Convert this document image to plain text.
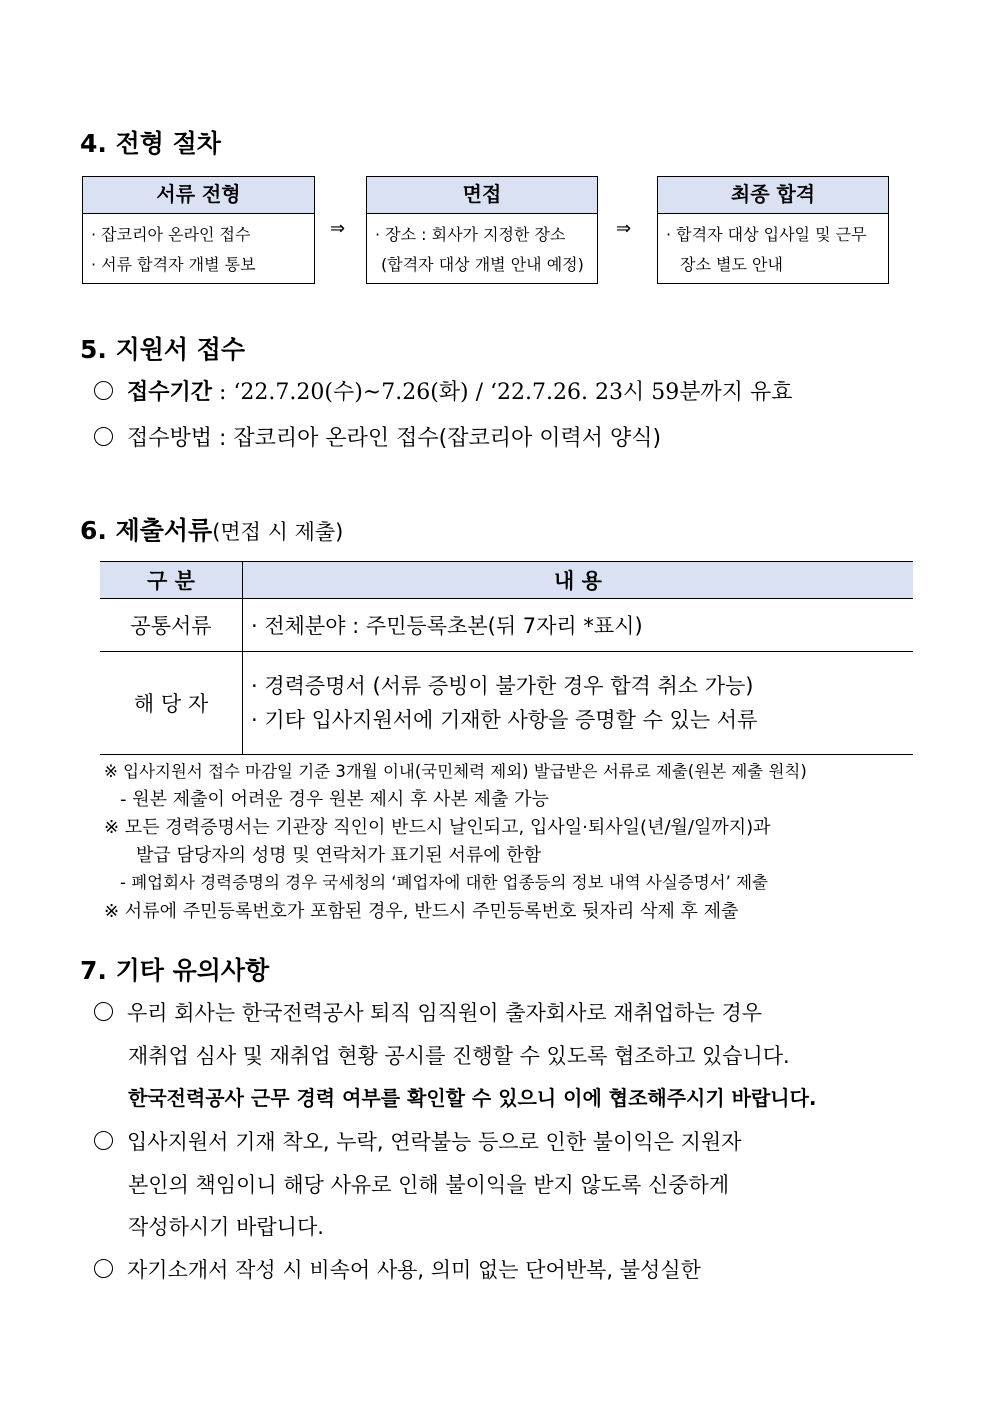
4. 전형 절차
서류 전형
· 잡코리아 온라인 접수
· 서류 합격자 개별 통보
⇒
면접
· 장소 : 회사가 지정한 장소
(합격자 대상 개별 안내 예정)
⇒
최종 합격
· 합격자 대상 입사일 및 근무
장소 별도 안내
5. 지원서 접수
접수기간 : ‘22.7.20(수)~7.26(화) / ‘22.7.26. 23시 59분까지 유효
접수방법 : 잡코리아 온라인 접수(잡코리아 이력서 양식)
6. 제출서류(면접 시 제출)
구 분	내 용
공통서류	· 전체분야 : 주민등록초본(뒤 7자리 *표시)

해 당 자	· 경력증명서 (서류 증빙이 불가한 경우 합격 취소 가능)
· 기타 입사지원서에 기재한 사항을 증명할 수 있는 서류
※ 입사지원서 접수 마감일 기준 3개월 이내(국민체력 제외) 발급받은 서류로 제출(원본 제출 원칙)
- 원본 제출이 어려운 경우 원본 제시 후 사본 제출 가능
※ 모든 경력증명서는 기관장 직인이 반드시 날인되고, 입사일·퇴사일(년/월/일까지)과
발급 담당자의 성명 및 연락처가 표기된 서류에 한함
- 폐업회사 경력증명의 경우 국세청의 ‘폐업자에 대한 업종등의 정보 내역 사실증명서’ 제출
※ 서류에 주민등록번호가 포함된 경우, 반드시 주민등록번호 뒷자리 삭제 후 제출
7. 기타 유의사항
우리 회사는 한국전력공사 퇴직 임직원이 출자회사로 재취업하는 경우
재취업 심사 및 재취업 현황 공시를 진행할 수 있도록 협조하고 있습니다.
한국전력공사 근무 경력 여부를 확인할 수 있으니 이에 협조해주시기 바랍니다.
입사지원서 기재 착오, 누락, 연락불능 등으로 인한 불이익은 지원자
본인의 책임이니 해당 사유로 인해 불이익을 받지 않도록 신중하게
작성하시기 바랍니다.
자기소개서 작성 시 비속어 사용, 의미 없는 단어반복, 불성실한
